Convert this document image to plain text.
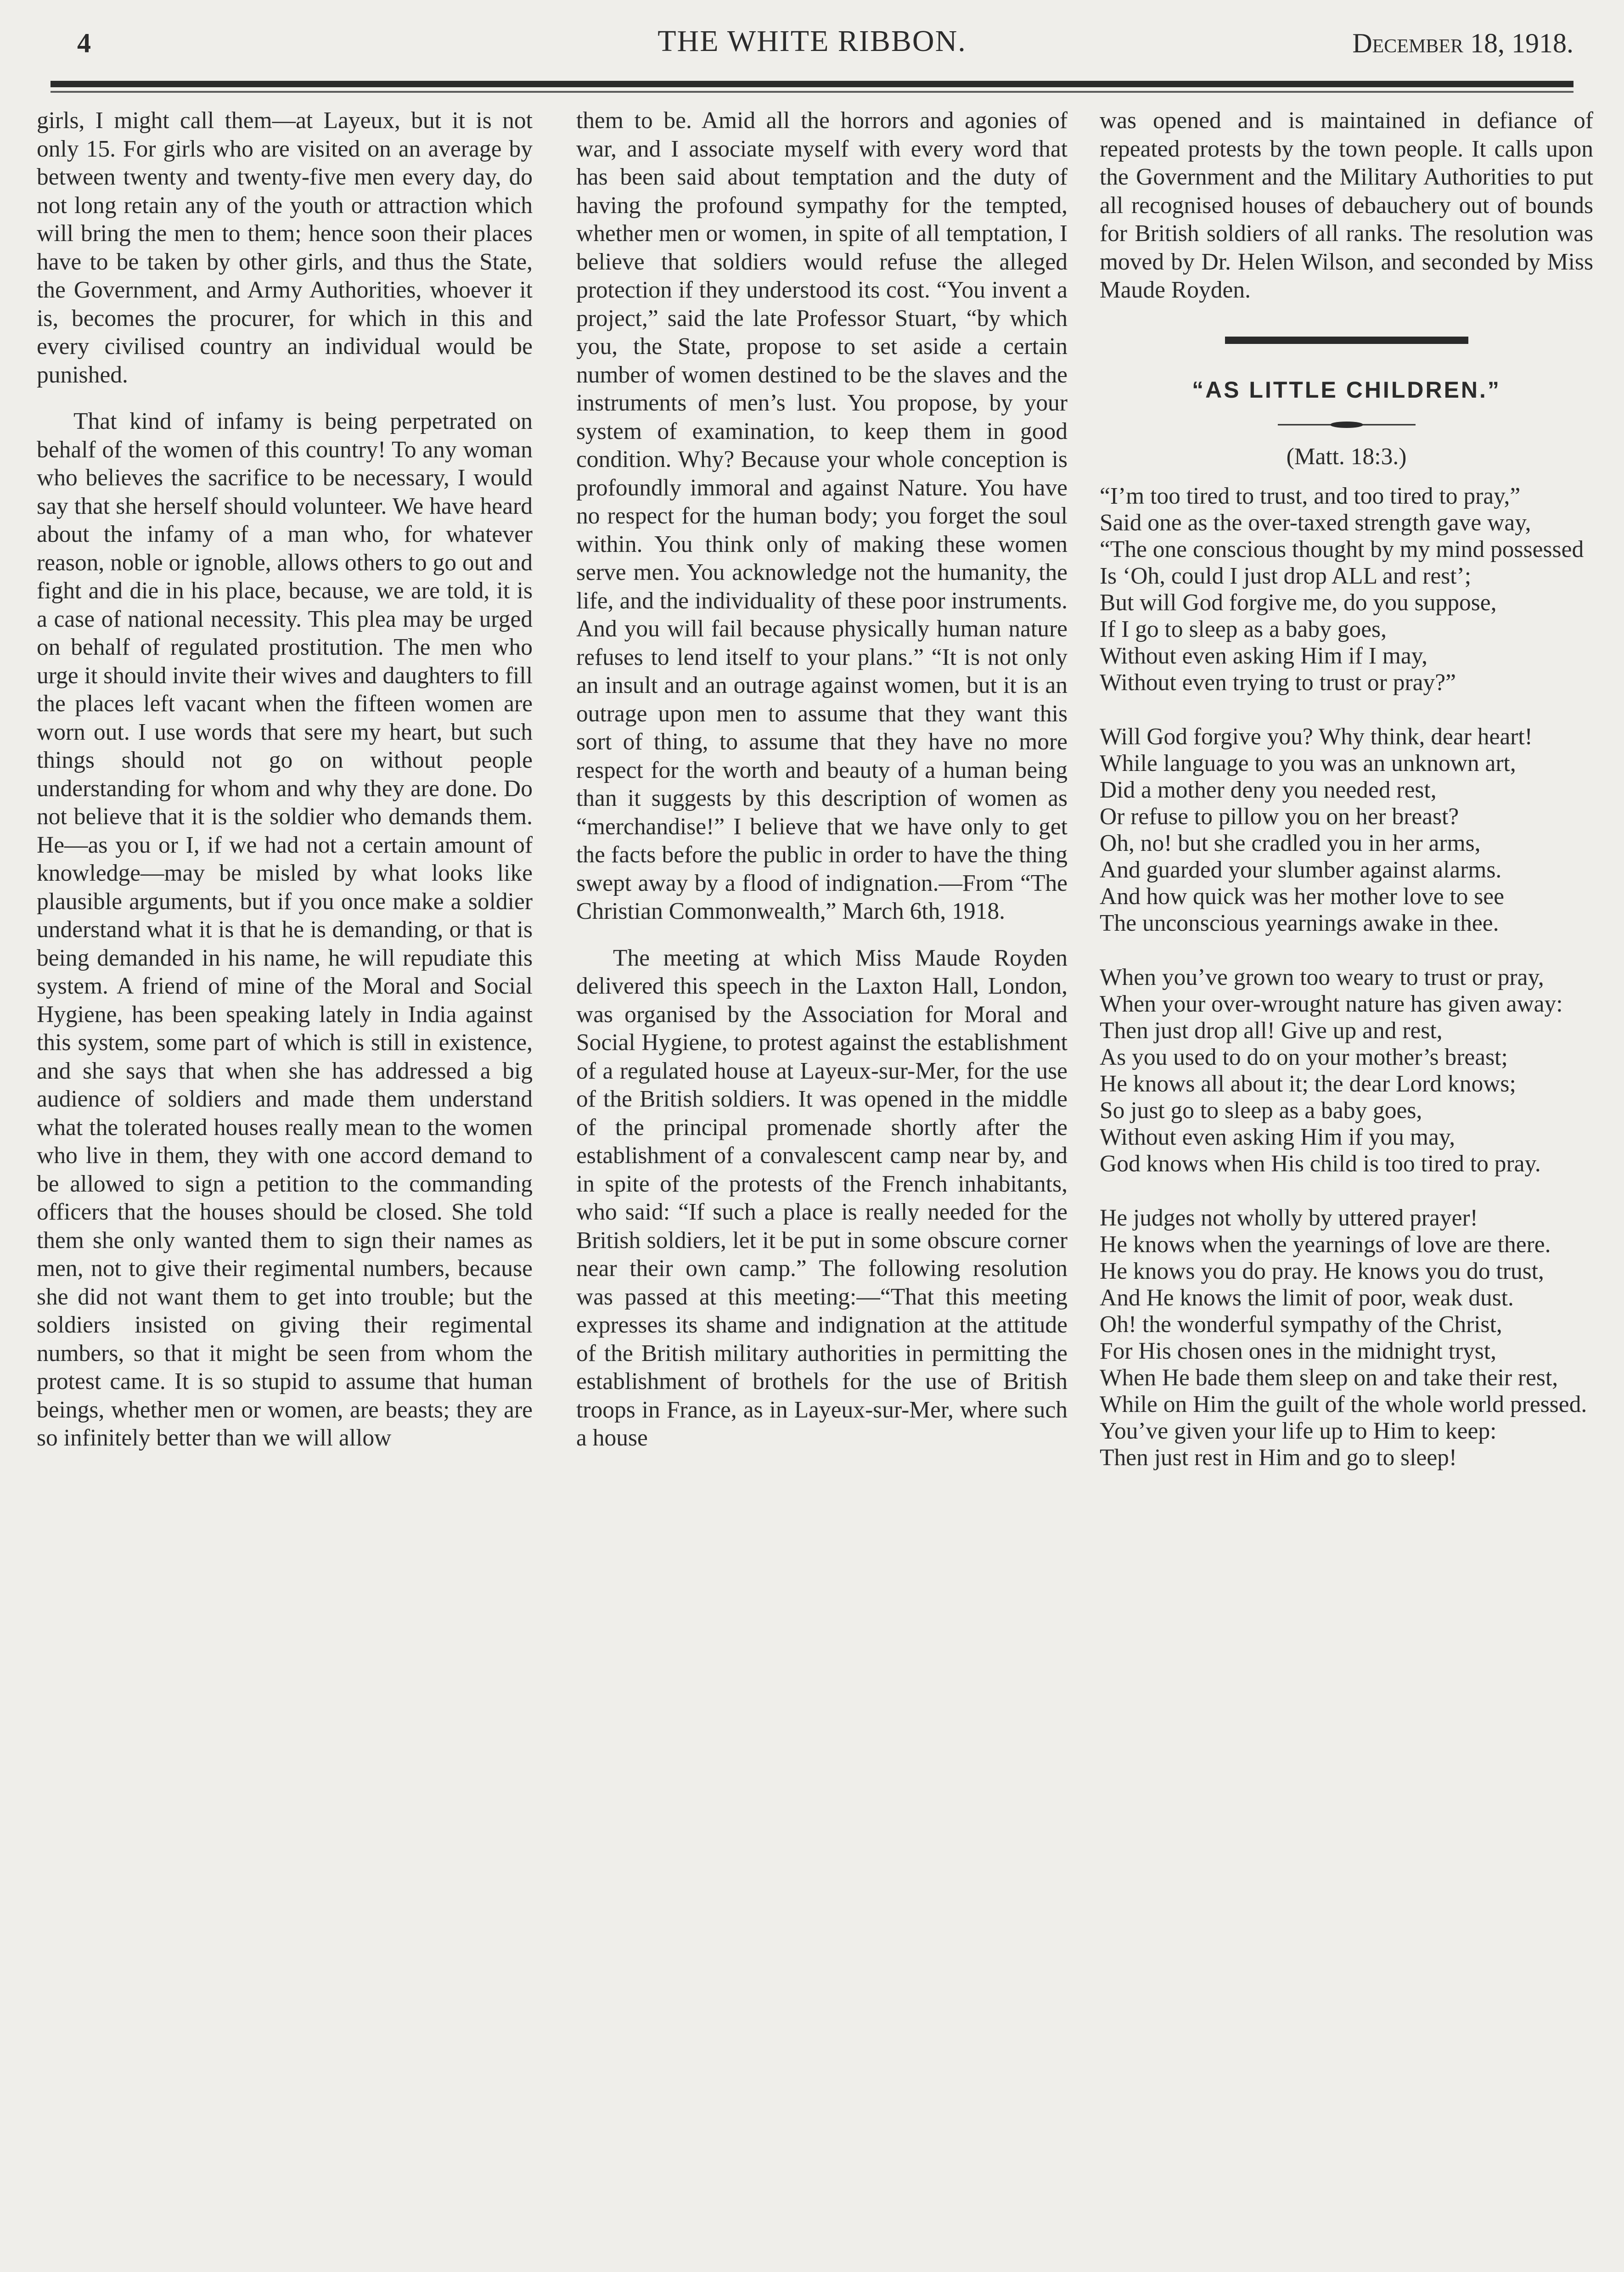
4	THE WHITE RIBBON.	December 18, 1918.

girls, I might call them—at Layeux, but it is not only 15. For girls who are visited on an average by between twenty and twenty-five men every day, do not long retain any of the youth or attraction which will bring the men to them; hence soon their places have to be taken by other girls, and thus the State, the Government, and Army Authorities, whoever it is, becomes the procurer, for which in this and every civilised country an individual would be punished.

That kind of infamy is being perpetrated on behalf of the women of this country! To any woman who believes the sacrifice to be necessary, I would say that she herself should volunteer. We have heard about the infamy of a man who, for whatever reason, noble or ignoble, allows others to go out and fight and die in his place, because, we are told, it is a case of national necessity. This plea may be urged on behalf of regulated prostitution. The men who urge it should invite their wives and daughters to fill the places left vacant when the fifteen women are worn out. I use words that sere my heart, but such things should not go on without people understanding for whom and why they are done. Do not believe that it is the soldier who demands them. He—as you or I, if we had not a certain amount of knowledge—may be misled by what looks like plausible arguments, but if you once make a soldier understand what it is that he is demanding, or that is being demanded in his name, he will repudiate this system. A friend of mine of the Moral and Social Hygiene, has been speaking lately in India against this system, some part of which is still in existence, and she says that when she has addressed a big audience of soldiers and made them understand what the tolerated houses really mean to the women who live in them, they with one accord demand to be allowed to sign a petition to the commanding officers that the houses should be closed. She told them she only wanted them to sign their names as men, not to give their regimental numbers, because she did not want them to get into trouble; but the soldiers insisted on giving their regimental numbers, so that it might be seen from whom the protest came. It is so stupid to assume that human beings, whether men or women, are beasts; they are so infinitely better than we will allow

them to be. Amid all the horrors and agonies of war, and I associate myself with every word that has been said about temptation and the duty of having the profound sympathy for the tempted, whether men or women, in spite of all temptation, I believe that soldiers would refuse the alleged protection if they understood its cost. “You invent a project,” said the late Professor Stuart, “by which you, the State, propose to set aside a certain number of women destined to be the slaves and the instruments of men’s lust. You propose, by your system of examination, to keep them in good condition. Why? Because your whole conception is profoundly immoral and against Nature. You have no respect for the human body; you forget the soul within. You think only of making these women serve men. You acknowledge not the humanity, the life, and the individuality of these poor instruments. And you will fail because physically human nature refuses to lend itself to your plans.” “It is not only an insult and an outrage against women, but it is an outrage upon men to assume that they want this sort of thing, to assume that they have no more respect for the worth and beauty of a human being than it suggests by this description of women as “merchandise!” I believe that we have only to get the facts before the public in order to have the thing swept away by a flood of indignation.—From “The Christian Commonwealth,” March 6th, 1918.

The meeting at which Miss Maude Royden delivered this speech in the Laxton Hall, London, was organised by the Association for Moral and Social Hygiene, to protest against the establishment of a regulated house at Layeux-sur-Mer, for the use of the British soldiers. It was opened in the middle of the principal promenade shortly after the establishment of a convalescent camp near by, and in spite of the protests of the French inhabitants, who said: “If such a place is really needed for the British soldiers, let it be put in some obscure corner near their own camp.” The following resolution was passed at this meeting:—“That this meeting expresses its shame and indignation at the attitude of the British military authorities in permitting the establishment of brothels for the use of British troops in France, as in Layeux-sur-Mer, where such a house

was opened and is maintained in defiance of repeated protests by the town people. It calls upon the Government and the Military Authorities to put all recognised houses of debauchery out of bounds for British soldiers of all ranks. The resolution was moved by Dr. Helen Wilson, and seconded by Miss Maude Royden.

“AS LITTLE CHILDREN.”
(Matt. 18:3.)
“I’m too tired to trust, and too tired to pray,”
Said one as the over-taxed strength gave way,
“The one conscious thought by my mind possessed
Is ‘Oh, could I just drop ALL and rest’;
But will God forgive me, do you suppose,
If I go to sleep as a baby goes,
Without even asking Him if I may,
Without even trying to trust or pray?”
Will God forgive you? Why think, dear heart!
While language to you was an unknown art,
Did a mother deny you needed rest,
Or refuse to pillow you on her breast?
Oh, no! but she cradled you in her arms,
And guarded your slumber against alarms.
And how quick was her mother love to see
The unconscious yearnings awake in thee.
When you’ve grown too weary to trust or pray,
When your over-wrought nature has given away:
Then just drop all! Give up and rest,
As you used to do on your mother’s breast;
He knows all about it; the dear Lord knows;
So just go to sleep as a baby goes,
Without even asking Him if you may,
God knows when His child is too tired to pray.
He judges not wholly by uttered prayer!
He knows when the yearnings of love are there.
He knows you do pray. He knows you do trust,
And He knows the limit of poor, weak dust.
Oh! the wonderful sympathy of the Christ,
For His chosen ones in the midnight tryst,
When He bade them sleep on and take their rest,
While on Him the guilt of the whole world pressed.
You’ve given your life up to Him to keep:
Then just rest in Him and go to sleep!
